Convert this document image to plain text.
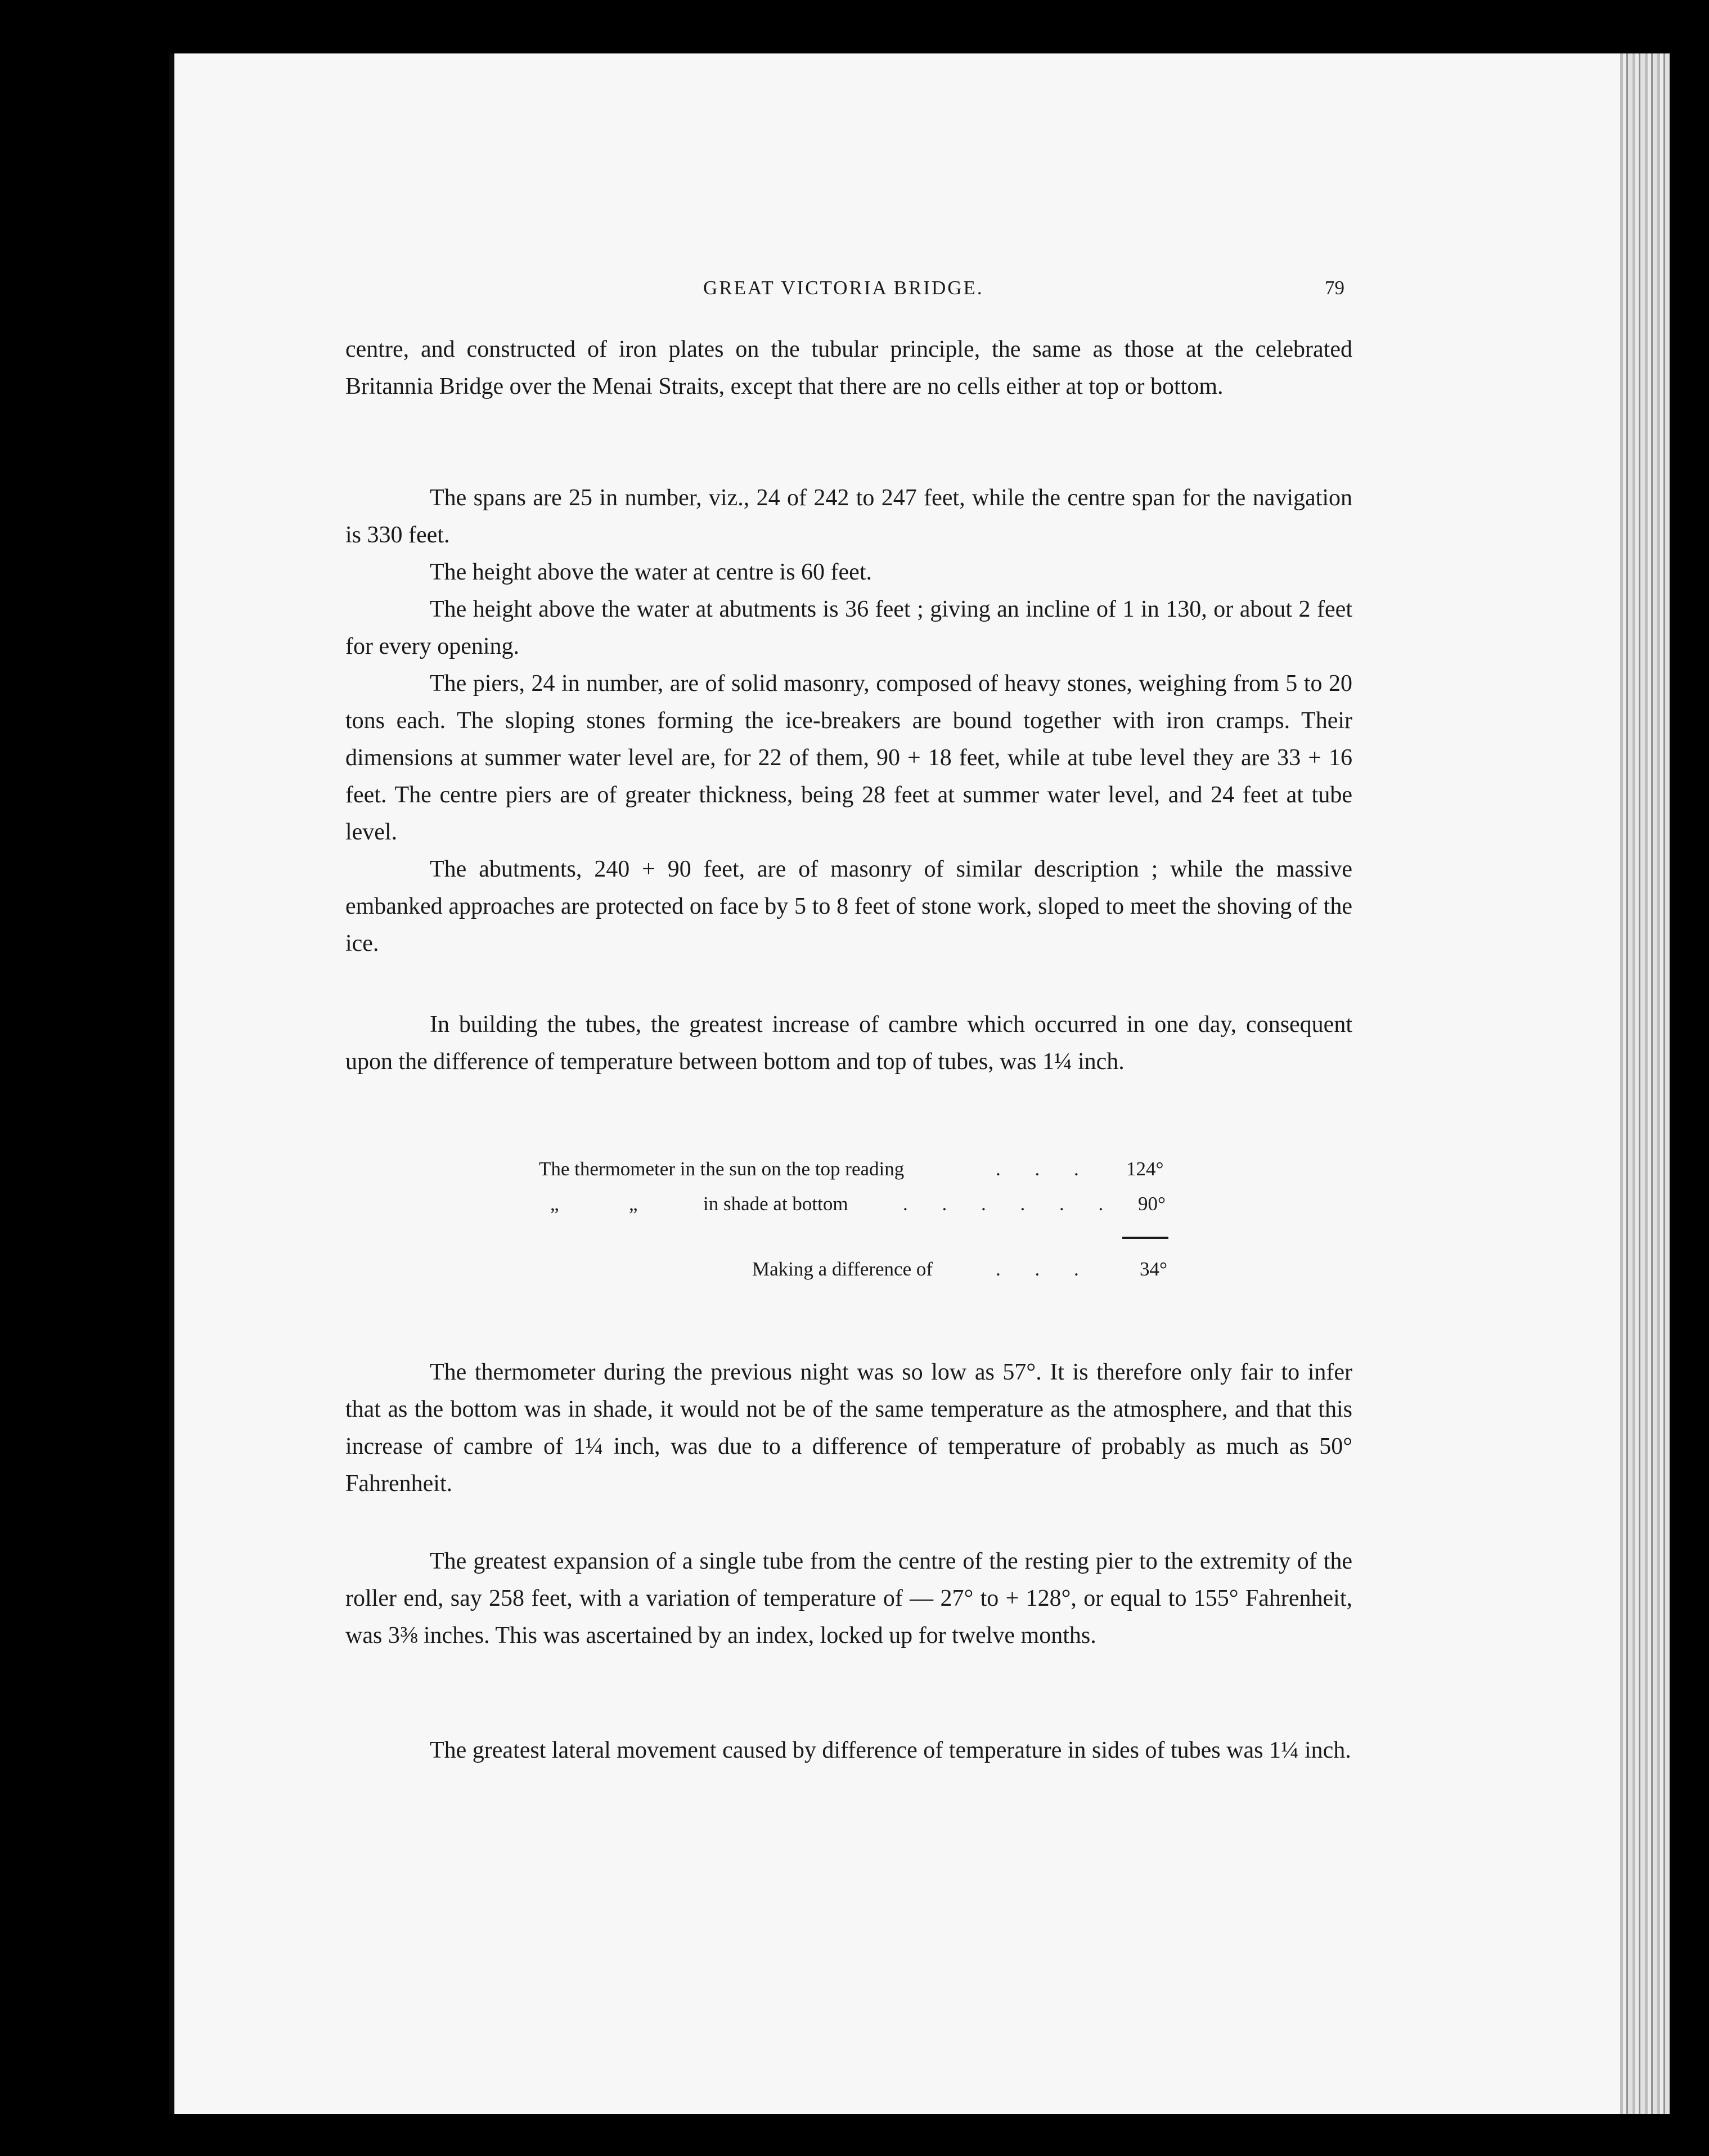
GREAT VICTORIA BRIDGE.	79

centre, and constructed of iron plates on the tubular principle, the same as those at the celebrated Britannia Bridge over the Menai Straits, except that there are no cells either at top or bottom.

The spans are 25 in number, viz., 24 of 242 to 247 feet, while the centre span for the navigation is 330 feet.

The height above the water at centre is 60 feet.

The height above the water at abutments is 36 feet ; giving an incline of 1 in 130, or about 2 feet for every opening.

The piers, 24 in number, are of solid masonry, composed of heavy stones, weighing from 5 to 20 tons each. The sloping stones forming the ice-breakers are bound together with iron cramps. Their dimensions at summer water level are, for 22 of them, 90 + 18 feet, while at tube level they are 33 + 16 feet. The centre piers are of greater thickness, being 28 feet at summer water level, and 24 feet at tube level.

The abutments, 240 + 90 feet, are of masonry of similar description ; while the massive embanked approaches are protected on face by 5 to 8 feet of stone work, sloped to meet the shoving of the ice.

In building the tubes, the greatest increase of cambre which occurred in one day, consequent upon the difference of temperature between bottom and top of tubes, was 1¼ inch.

The thermometer in the sun on the top reading	. . . 124°
„	„	in shade at bottom	. . . . . . 90°
Making a difference of	. . . 34°

The thermometer during the previous night was so low as 57°. It is therefore only fair to infer that as the bottom was in shade, it would not be of the same temperature as the atmosphere, and that this increase of cambre of 1¼ inch, was due to a difference of temperature of probably as much as 50° Fahrenheit.

The greatest expansion of a single tube from the centre of the resting pier to the extremity of the roller end, say 258 feet, with a variation of temperature of — 27° to + 128°, or equal to 155° Fahrenheit, was 3⅜ inches. This was ascertained by an index, locked up for twelve months.

The greatest lateral movement caused by difference of temperature in sides of tubes was 1¼ inch.
